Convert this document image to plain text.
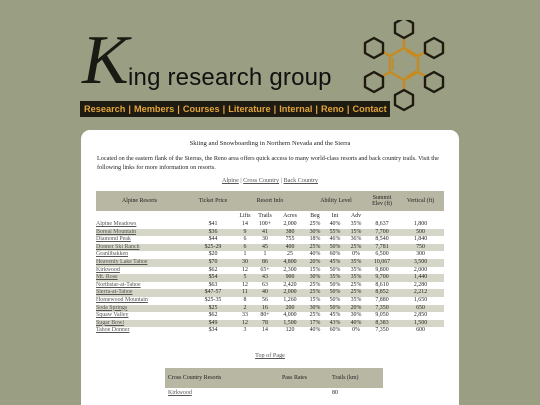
K ing research group
Research | Members | Courses | Literature | Internal | Reno | Contact
Skiing and Snowboarding in Northern Nevada and the Sierra

Located on the eastern flank of the Sierras, the Reno area offers quick access to many world-class resorts and back country trails. Visit the following links for more information on resorts.

Alpine | Cross Country | Back Country
Alpine Resorts	Ticket Price	Resort Info			Ability Level			Summit Elev (ft)	Vertical (ft)
		Lifts	Trails	Acres	Beg	Int	Adv		
Alpine Meadows	$41	14	100+	2,000	25%	40%	35%	8,637	1,800
Boreal Mountain	$36	9	41	380	30%	55%	15%	7,700	500
Diamond Peak	$44	6	30	755	18%	46%	36%	8,540	1,840
Donner Ski Ranch	$25-29	6	45	400	25%	50%	25%	7,781	750
Granlibakken	$20	1	1	25	40%	60%	0%	6,500	300
Heavenly Lake Tahoe	$70	30	86	4,800	20%	45%	35%	10,067	3,500
Kirkwood	$62	12	65+	2,300	15%	50%	35%	9,800	2,000
Mt. Rose	$54	5	43	900	30%	35%	35%	9,700	1,440
Northstar-at-Tahoe	$63	12	63	2,420	25%	50%	25%	8,610	2,280
Sierra-at-Tahoe	$47-57	11	40	2,000	25%	50%	25%	8,852	2,212
Homewood Mountain	$25-35	8	56	1,260	15%	50%	35%	7,880	1,650
Soda Springs	$25	2	16	200	30%	50%	20%	7,350	650
Squaw Valley	$62	33	80+	4,000	25%	45%	30%	9,050	2,850
Sugar Bowl	$49	12	78	1,500	17%	43%	40%	8,383	1,500
Tahoe Donner	$34	3	14	120	40%	60%	0%	7,350	600
Top of Page
Cross Country Resorts	Pass Rates	Trails (km)
Kirkwood		80
